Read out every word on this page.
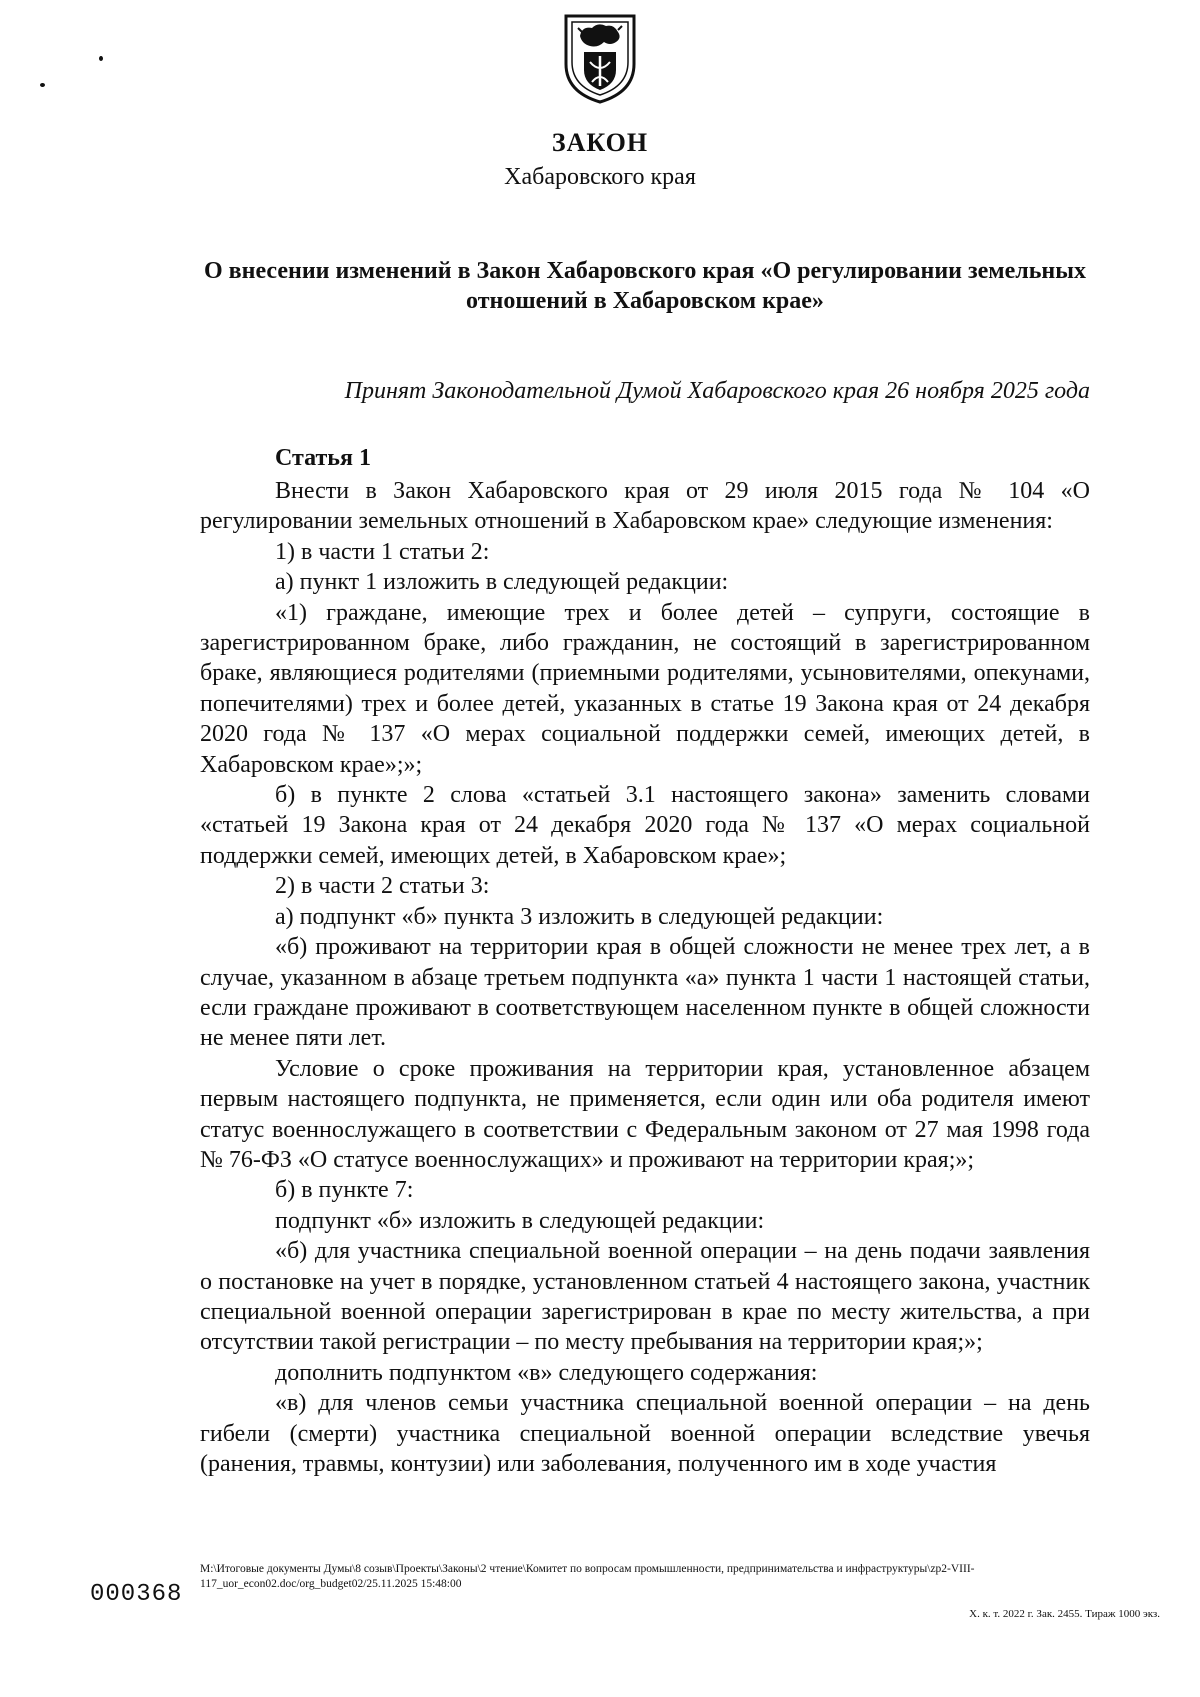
ЗАКОН
Хабаровского края
О внесении изменений в Закон Хабаровского края «О регулировании земельных отношений в Хабаровском крае»
Принят Законодательной Думой Хабаровского края 26 ноября 2025 года
Статья 1

Внести в Закон Хабаровского края от 29 июля 2015 года № 104 «О регулировании земельных отношений в Хабаровском крае» следующие изменения:

1) в части 1 статьи 2:

а) пункт 1 изложить в следующей редакции:

«1) граждане, имеющие трех и более детей – супруги, состоящие в зарегистрированном браке, либо гражданин, не состоящий в зарегистрированном браке, являющиеся родителями (приемными родителями, усыновителями, опекунами, попечителями) трех и более детей, указанных в статье 19 Закона края от 24 декабря 2020 года № 137 «О мерах социальной поддержки семей, имеющих детей, в Хабаровском крае»;»;

б) в пункте 2 слова «статьей 3.1 настоящего закона» заменить словами «статьей 19 Закона края от 24 декабря 2020 года № 137 «О мерах социальной поддержки семей, имеющих детей, в Хабаровском крае»;

2) в части 2 статьи 3:

а) подпункт «б» пункта 3 изложить в следующей редакции:

«б) проживают на территории края в общей сложности не менее трех лет, а в случае, указанном в абзаце третьем подпункта «а» пункта 1 части 1 настоящей статьи, если граждане проживают в соответствующем населенном пункте в общей сложности не менее пяти лет.

Условие о сроке проживания на территории края, установленное абзацем первым настоящего подпункта, не применяется, если один или оба родителя имеют статус военнослужащего в соответствии с Федеральным законом от 27 мая 1998 года № 76-ФЗ «О статусе военнослужащих» и проживают на территории края;»;

б) в пункте 7:

подпункт «б» изложить в следующей редакции:

«б) для участника специальной военной операции – на день подачи заявления о постановке на учет в порядке, установленном статьей 4 настоящего закона, участник специальной военной операции зарегистрирован в крае по месту жительства, а при отсутствии такой регистрации – по месту пребывания на территории края;»;

дополнить подпунктом «в» следующего содержания:

«в) для членов семьи участника специальной военной операции – на день гибели (смерти) участника специальной военной операции вследствие увечья (ранения, травмы, контузии) или заболевания, полученного им в ходе участия

000368
M:\Итоговые документы Думы\8 созыв\Проекты\Законы\2 чтение\Комитет по вопросам промышленности, предпринимательства и инфраструктуры\zp2-VIII-117_uor_econ02.doc/org_budget02/25.11.2025 15:48:00
Х. к. т. 2022 г. Зак. 2455. Тираж 1000 экз.
